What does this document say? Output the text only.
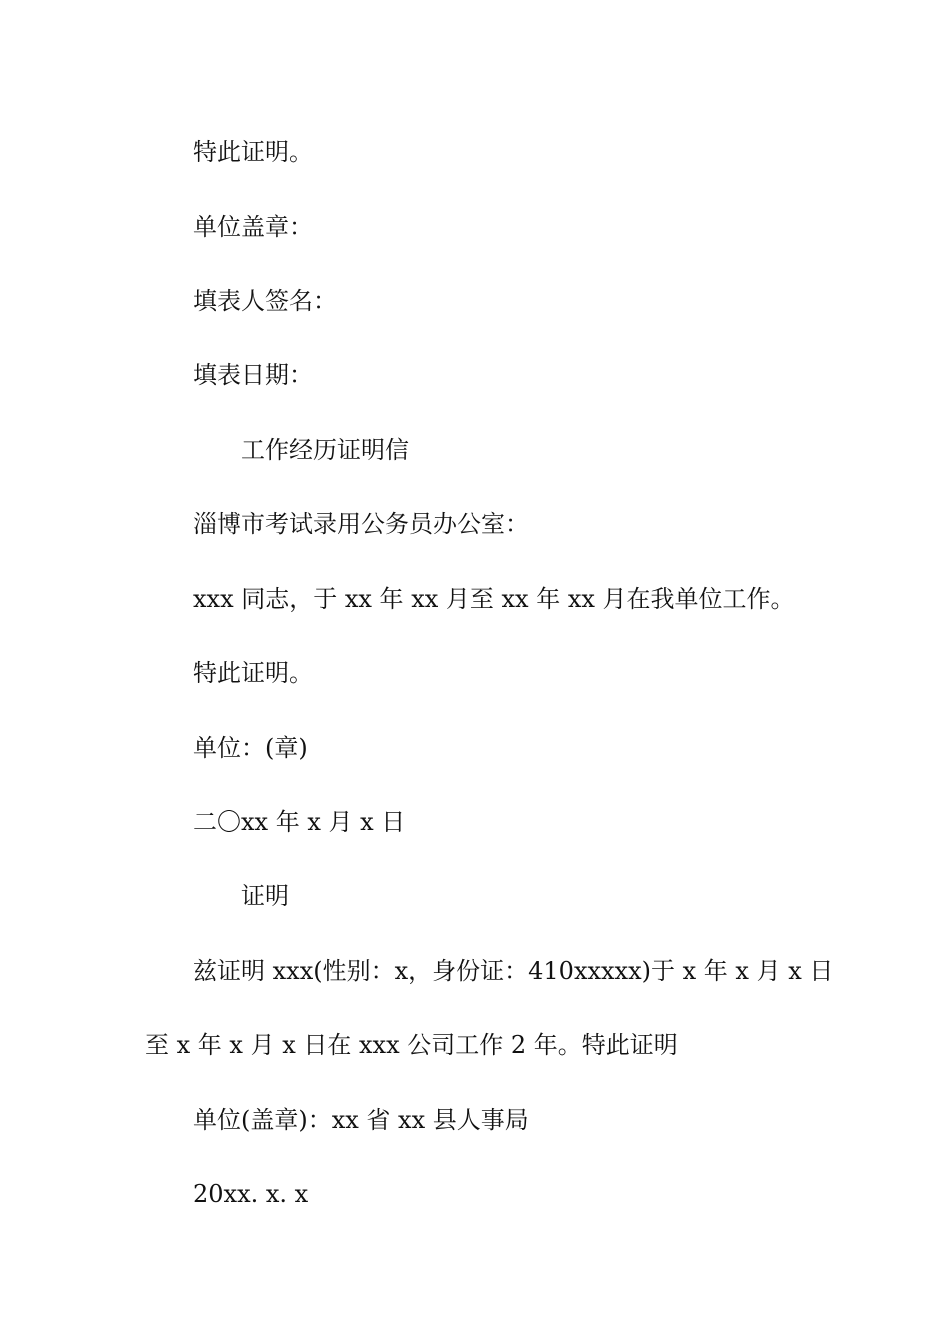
特此证明。
单位盖章：
填表人签名：
填表日期：
工作经历证明信
淄博市考试录用公务员办公室：
xxx 同志，于 xx 年 xx 月至 xx 年 xx 月在我单位工作。
特此证明。
单位：(章)
二〇xx 年 x 月 x 日
证明
兹证明 xxx(性别：x，身份证：410xxxxx)于 x 年 x 月 x 日
至 x 年 x 月 x 日在 xxx 公司工作 2 年。特此证明
单位(盖章)：xx 省 xx 县人事局
20xx. x. x
